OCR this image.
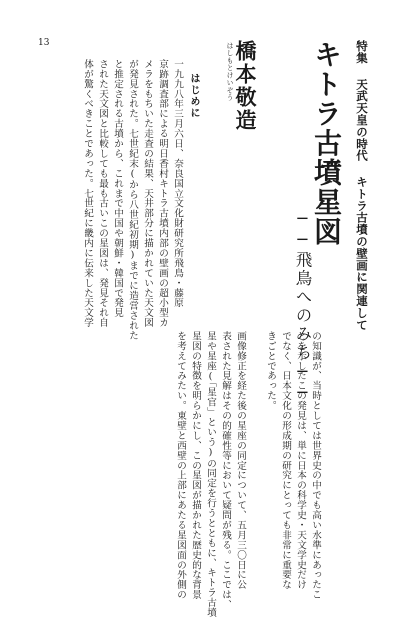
13	特集 天武天皇の時代 キトラ古墳の壁画に関連して
キトラ古墳星図
──飛鳥へのみち──
橋本敬造
はしもとけいぞう
はじめに
一九九八年三月六日、奈良国立文化財研究所飛鳥・藤原
京跡調査部による明日香村キトラ古墳内部の壁画の超小型カ
メラをもちいた走査の結果、天井部分に描かれていた天文図
が発見された。七世紀末(から八世紀初期)までに造営された
と推定される古墳から、これまで中国や朝鮮・韓国で発見
された天文図と比較しても最も古いこの星図は、発見それ自
体が驚くべきことであった。七世紀に畿内に伝来した天文学
の知識が、当時としては世界史の中でも高い水準にあったこ
とを示したこの発見は、単に日本の科学史・天文学史だけ
でなく、日本文化の形成期の研究にとっても非常に重要な
きごとであった。
画像修正を経た後の星座の同定について、五月三〇日に公
表された見解はその的確性等において疑問が残る。ここでは、
星や星座(「星官」という)の同定を行うとともに、キトラ古墳
星図の特徴を明らかにし、この星図が描かれた歴史的な背景
を考えてみたい。東壁と西壁の上部にあたる星図面の外側の
